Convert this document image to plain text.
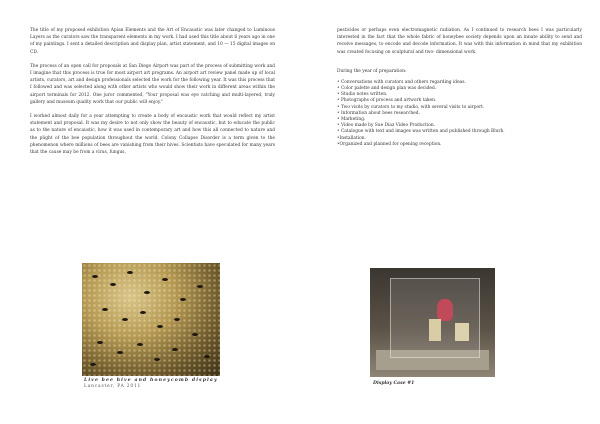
The title of my proposed exhibition Apian Elements and the Art of Encaustic was later changed to Luminous Layers as the curators saw the transparent elements in my work. I had used this title about 6 years ago in one of my paintings. I sent a detailed description and display plan, artist statement, and 10 — 15 digital images on CD.

The process of an open call for proposals at San Diego Airport was part of the process of submitting work and I imagine that this process is true for most airport art programs. An airport art review panel made up of local artists, curators, art and design professionals selected the work for the following year. It was this process that I followed and was selected along with other artists who would show their work in different areas within the airport terminals for 2012. One juror commented, "Your proposal was eye catching and multi-layered, truly gallery and museum quality work that our public will enjoy."

I worked almost daily for a year attempting to create a body of encaustic work that would reflect my artist statement and proposal. It was my desire to not only show the beauty of encaustic, but to educate the public as to the nature of encaustic, how it was used in contemporary art and how this all connected to nature and the plight of the bee population throughout the world. Colony Collapse Disorder is a term given to the phenomenon where millions of bees are vanishing from their hives. Scientists have speculated for many years that the cause may be from a virus, fungus,

Live bee hive and honeycomb display
Lancaster, PA 2011

pesticides or perhaps even electromagnetic radiation. As I continued to research bees I was particularly interested in the fact that the whole fabric of honeybee society depends upon an innate ability to send and receive messages, to encode and decode information. It was with this information in mind that my exhibition was created focusing on sculptural and two- dimensional work.

During the year of preparation:

• Conversations with curators and others regarding ideas.
• Color palette and design plan was decided.
• Studio notes written.
• Photographs of process and artwork taken.
• Two visits by curators to my studio, with several visits to airport.
• Information about bees researched.
• Marketing.
• Video made by Sue Diaz Video Production.
• Catalogue with text and images was written and published through Blurb.
•Installation.
•Organized and planned for opening reception.
Display Case #1
